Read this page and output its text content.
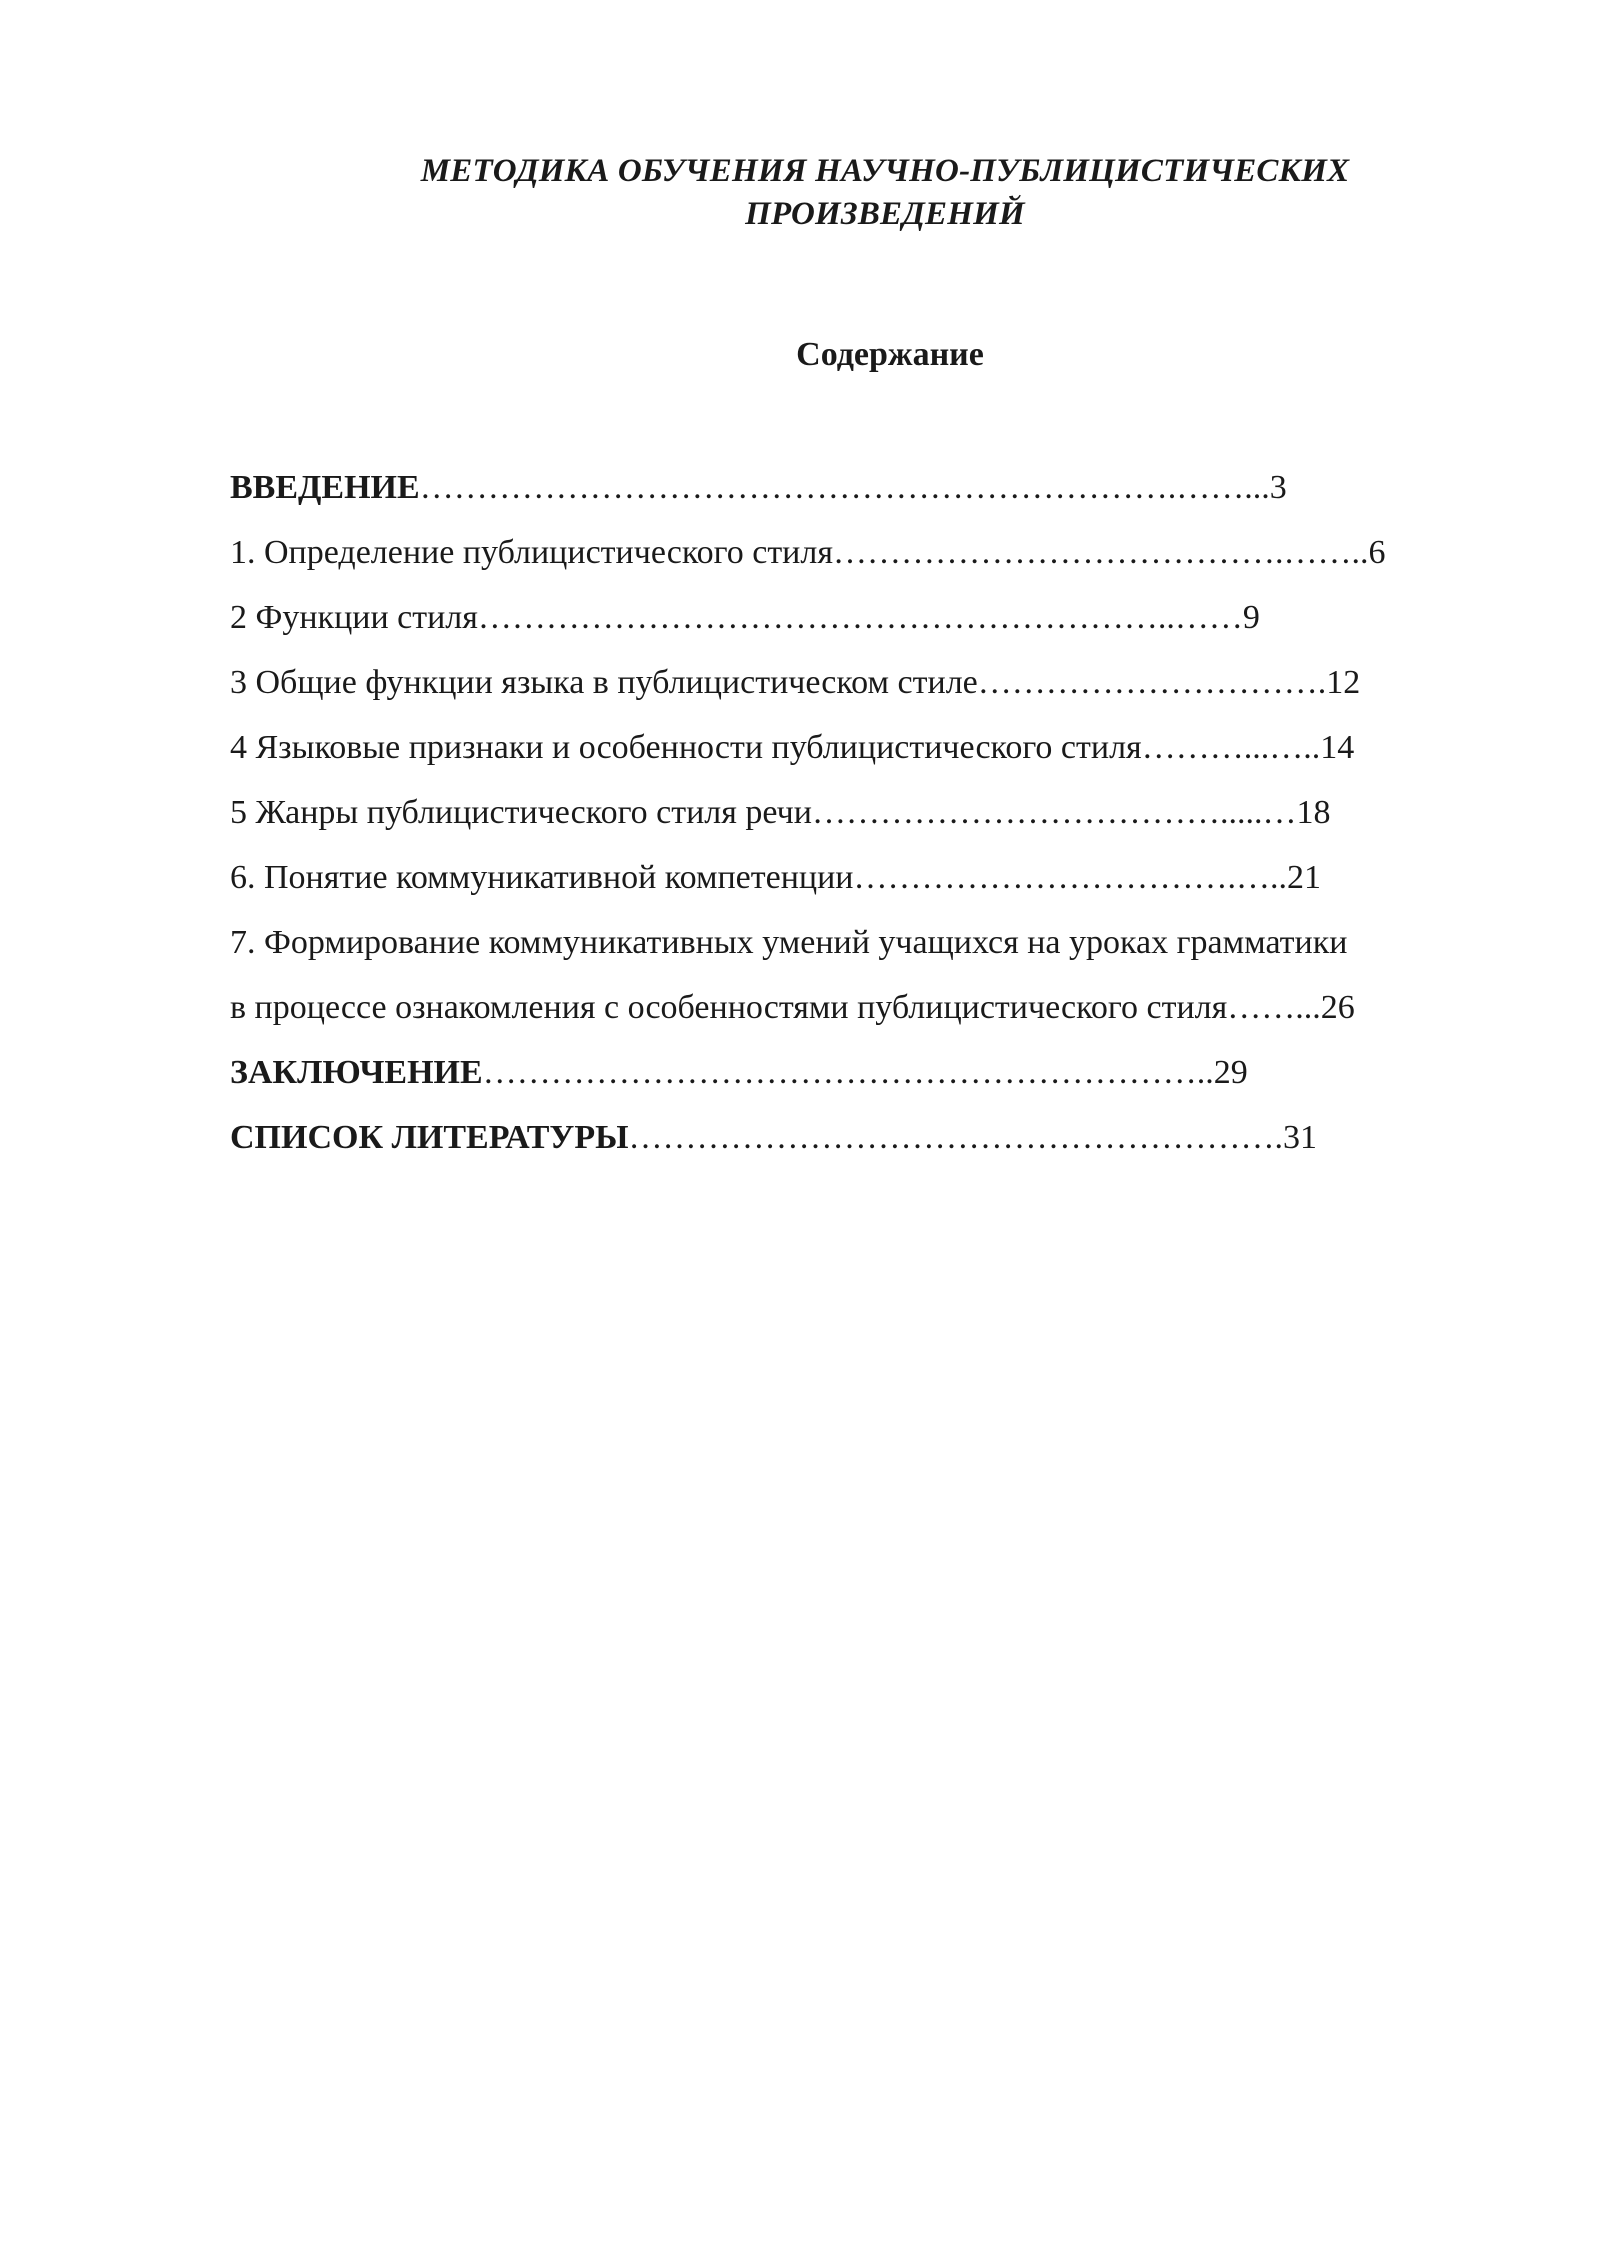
МЕТОДИКА ОБУЧЕНИЯ НАУЧНО-ПУБЛИЦИСТИЧЕСКИХ
ПРОИЗВЕДЕНИЙ
Содержание
ВВЕДЕНИЕ………………………………………………………….……...3
1. Определение публицистического стиля………………………………….……..6
2 Функции стиля……………………………………………………..……9
3 Общие функции языка в публицистическом стиле………………………….12
4 Языковые признаки и особенности публицистического стиля………...…..14
5 Жанры публицистического стиля речи……………………………….....…18
6. Понятие коммуникативной компетенции…………………………….…..21
7. Формирование коммуникативных умений учащихся на уроках грамматики
в процессе ознакомления с особенностями публицистического стиля……...26
ЗАКЛЮЧЕНИЕ………………………………………………………..29
СПИСОК ЛИТЕРАТУРЫ………………………………………………….31
